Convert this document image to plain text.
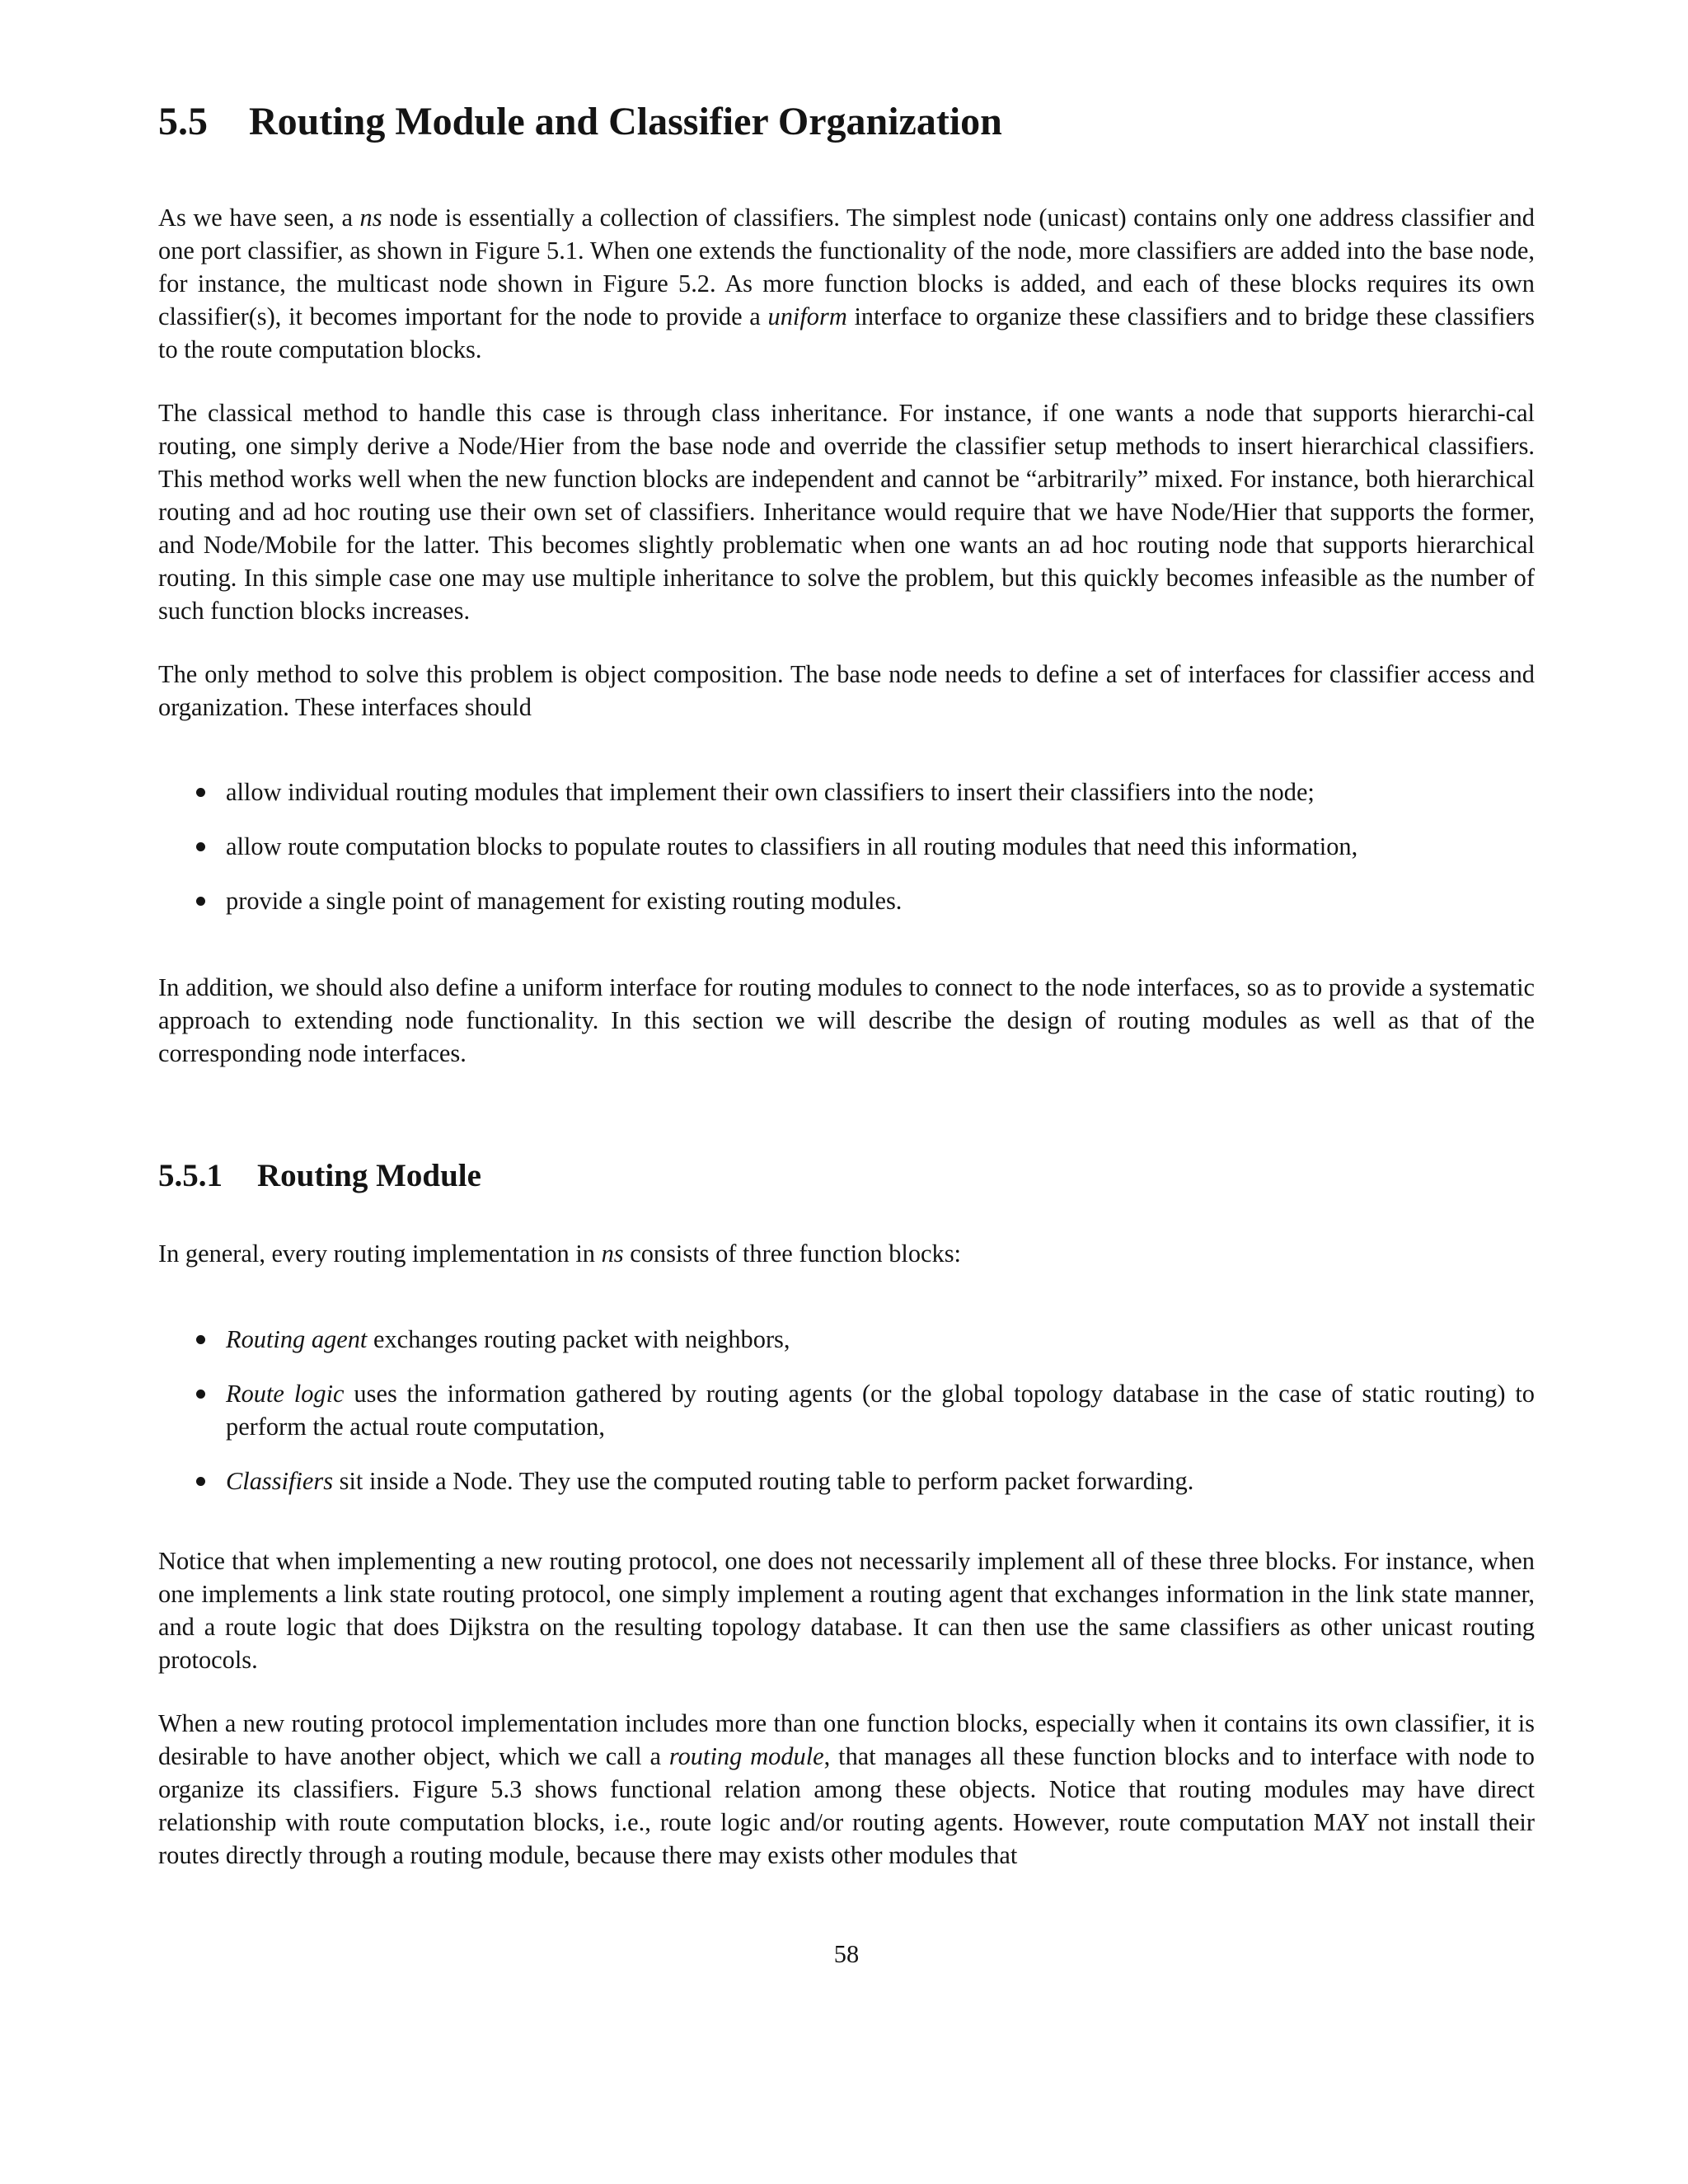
5.5 Routing Module and Classifier Organization

As we have seen, a ns node is essentially a collection of classifiers. The simplest node (unicast) contains only one address classifier and one port classifier, as shown in Figure 5.1. When one extends the functionality of the node, more classifiers are added into the base node, for instance, the multicast node shown in Figure 5.2. As more function blocks is added, and each of these blocks requires its own classifier(s), it becomes important for the node to provide a uniform interface to organize these classifiers and to bridge these classifiers to the route computation blocks.

The classical method to handle this case is through class inheritance. For instance, if one wants a node that supports hierarchi-cal routing, one simply derive a Node/Hier from the base node and override the classifier setup methods to insert hierarchical classifiers. This method works well when the new function blocks are independent and cannot be “arbitrarily” mixed. For instance, both hierarchical routing and ad hoc routing use their own set of classifiers. Inheritance would require that we have Node/Hier that supports the former, and Node/Mobile for the latter. This becomes slightly problematic when one wants an ad hoc routing node that supports hierarchical routing. In this simple case one may use multiple inheritance to solve the problem, but this quickly becomes infeasible as the number of such function blocks increases.

The only method to solve this problem is object composition. The base node needs to define a set of interfaces for classifier access and organization. These interfaces should

allow individual routing modules that implement their own classifiers to insert their classifiers into the node;
allow route computation blocks to populate routes to classifiers in all routing modules that need this information,
provide a single point of management for existing routing modules.

In addition, we should also define a uniform interface for routing modules to connect to the node interfaces, so as to provide a systematic approach to extending node functionality. In this section we will describe the design of routing modules as well as that of the corresponding node interfaces.

5.5.1 Routing Module

In general, every routing implementation in ns consists of three function blocks:

Routing agent exchanges routing packet with neighbors,
Route logic uses the information gathered by routing agents (or the global topology database in the case of static routing) to perform the actual route computation,
Classifiers sit inside a Node. They use the computed routing table to perform packet forwarding.

Notice that when implementing a new routing protocol, one does not necessarily implement all of these three blocks. For instance, when one implements a link state routing protocol, one simply implement a routing agent that exchanges information in the link state manner, and a route logic that does Dijkstra on the resulting topology database. It can then use the same classifiers as other unicast routing protocols.

When a new routing protocol implementation includes more than one function blocks, especially when it contains its own classifier, it is desirable to have another object, which we call a routing module, that manages all these function blocks and to interface with node to organize its classifiers. Figure 5.3 shows functional relation among these objects. Notice that routing modules may have direct relationship with route computation blocks, i.e., route logic and/or routing agents. However, route computation MAY not install their routes directly through a routing module, because there may exists other modules that

58
